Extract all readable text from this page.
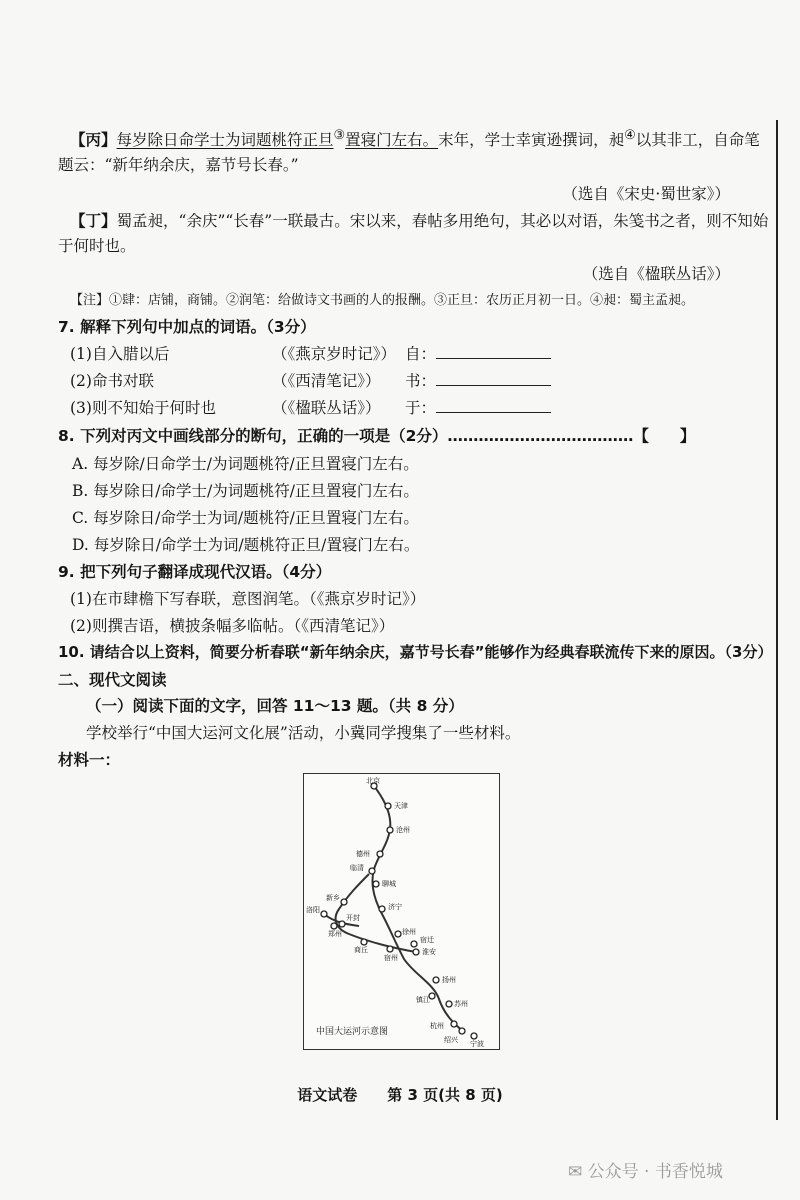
【丙】每岁除日命学士为词题桃符正旦③置寝门左右。末年，学士幸寅逊撰词，昶④以其非工，自命笔
题云：“新年纳余庆，嘉节号长春。”
（选自《宋史·蜀世家》）
【丁】蜀孟昶，“余庆”“长春”一联最古。宋以来，春帖多用绝句，其必以对语，朱笺书之者，则不知始
于何时也。
（选自《楹联丛话》）
【注】①肆：店铺，商铺。②润笔：给做诗文书画的人的报酬。③正旦：农历正月初一日。④昶：蜀主孟昶。
7. 解释下列句中加点的词语。（3分）
(1)自入腊以后	（《燕京岁时记》） 自：
(2)命书对联	（《西清笔记》） 书：
(3)则不知始于何时也	（《楹联丛话》） 于：
8. 下列对丙文中画线部分的断句，正确的一项是（2分）………………………………【　　】
A. 每岁除/日命学士/为词题桃符/正旦置寝门左右。
B. 每岁除日/命学士/为词题桃符/正旦置寝门左右。
C. 每岁除日/命学士为词/题桃符/正旦置寝门左右。
D. 每岁除日/命学士为词/题桃符正旦/置寝门左右。
9. 把下列句子翻译成现代汉语。（4分）
(1)在市肆檐下写春联，意图润笔。（《燕京岁时记》）
(2)则撰吉语，横披条幅多临帖。（《西清笔记》）
10. 请结合以上资料，简要分析春联“新年纳余庆，嘉节号长春”能够作为经典春联流传下来的原因。（3分）
二、现代文阅读
（一）阅读下面的文字，回答 11～13 题。（共 8 分）
学校举行“中国大运河文化展”活动，小冀同学搜集了一些材料。
材料一：
北京
天津
沧州
德州
临清
聊城
济宁
徐州
宿迁
淮安
扬州
镇江	苏州
杭州
绍兴 宁波
洛阳
新乡
开封
郑州
商丘
宿州
中国大运河示意图
语文试卷　　第 3 页(共 8 页)
✉ 公众号 · 书香悦城
